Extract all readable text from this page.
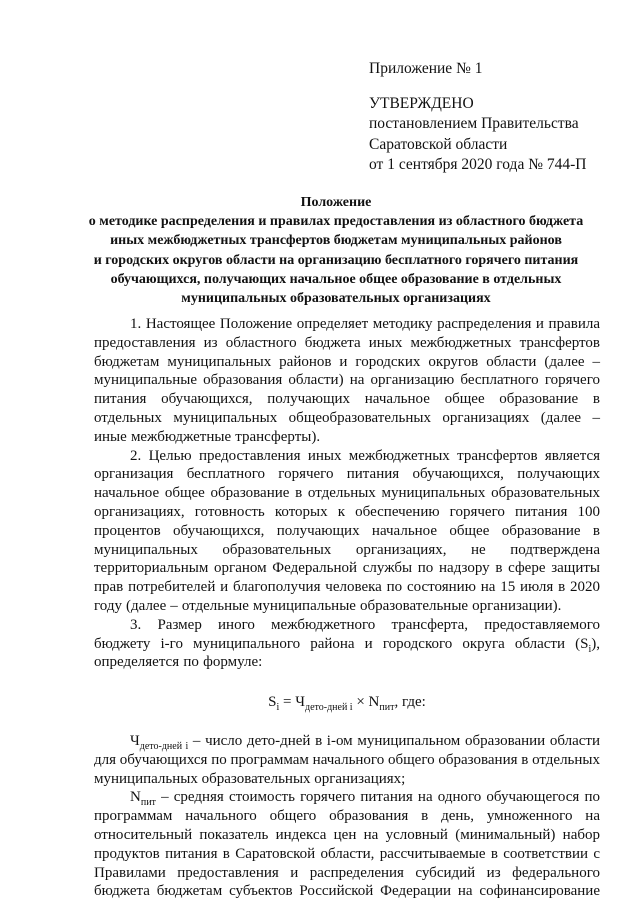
Приложение № 1
УТВЕРЖДЕНО
постановлением Правительства
Саратовской области
от 1 сентября 2020 года № 744-П
Положение
о методике распределения и правилах предоставления из областного бюджета
иных межбюджетных трансфертов бюджетам муниципальных районов
и городских округов области на организацию бесплатного горячего питания
обучающихся, получающих начальное общее образование в отдельных
муниципальных образовательных организациях
1. Настоящее Положение определяет методику распределения и правила предоставления из областного бюджета иных межбюджетных трансфертов бюджетам муниципальных районов и городских округов области (далее – муниципальные образования области) на организацию бесплатного горячего питания обучающихся, получающих начальное общее образование в отдельных муниципальных общеобразовательных организациях (далее – иные межбюджетные трансферты).
2. Целью предоставления иных межбюджетных трансфертов является организация бесплатного горячего питания обучающихся, получающих начальное общее образование в отдельных муниципальных образовательных организациях, готовность которых к обеспечению горячего питания 100 процентов обучающихся, получающих начальное общее образование в муниципальных образовательных организациях, не подтверждена территориальным органом Федеральной службы по надзору в сфере защиты прав потребителей и благополучия человека по состоянию на 15 июля в 2020 году (далее – отдельные муниципальные образовательные организации).
3. Размер иного межбюджетного трансферта, предоставляемого бюджету i-го муниципального района и городского округа области $(S_i)$, определяется по формуле:
$S_i = Ч_{дето-дней i} \times N_{пит}$, где:
$Ч_{дето-дней i}$ – число дето-дней в i-ом муниципальном образовании области для обучающихся по программам начального общего образования в отдельных муниципальных образовательных организациях;
$N_{пит}$ – средняя стоимость горячего питания на одного обучающегося по программам начального общего образования в день, умноженного на относительный показатель индекса цен на условный (минимальный) набор продуктов питания в Саратовской области, рассчитываемые в соответствии с Правилами предоставления и распределения субсидий из федерального бюджета бюджетам субъектов Российской Федерации на софинансирование
